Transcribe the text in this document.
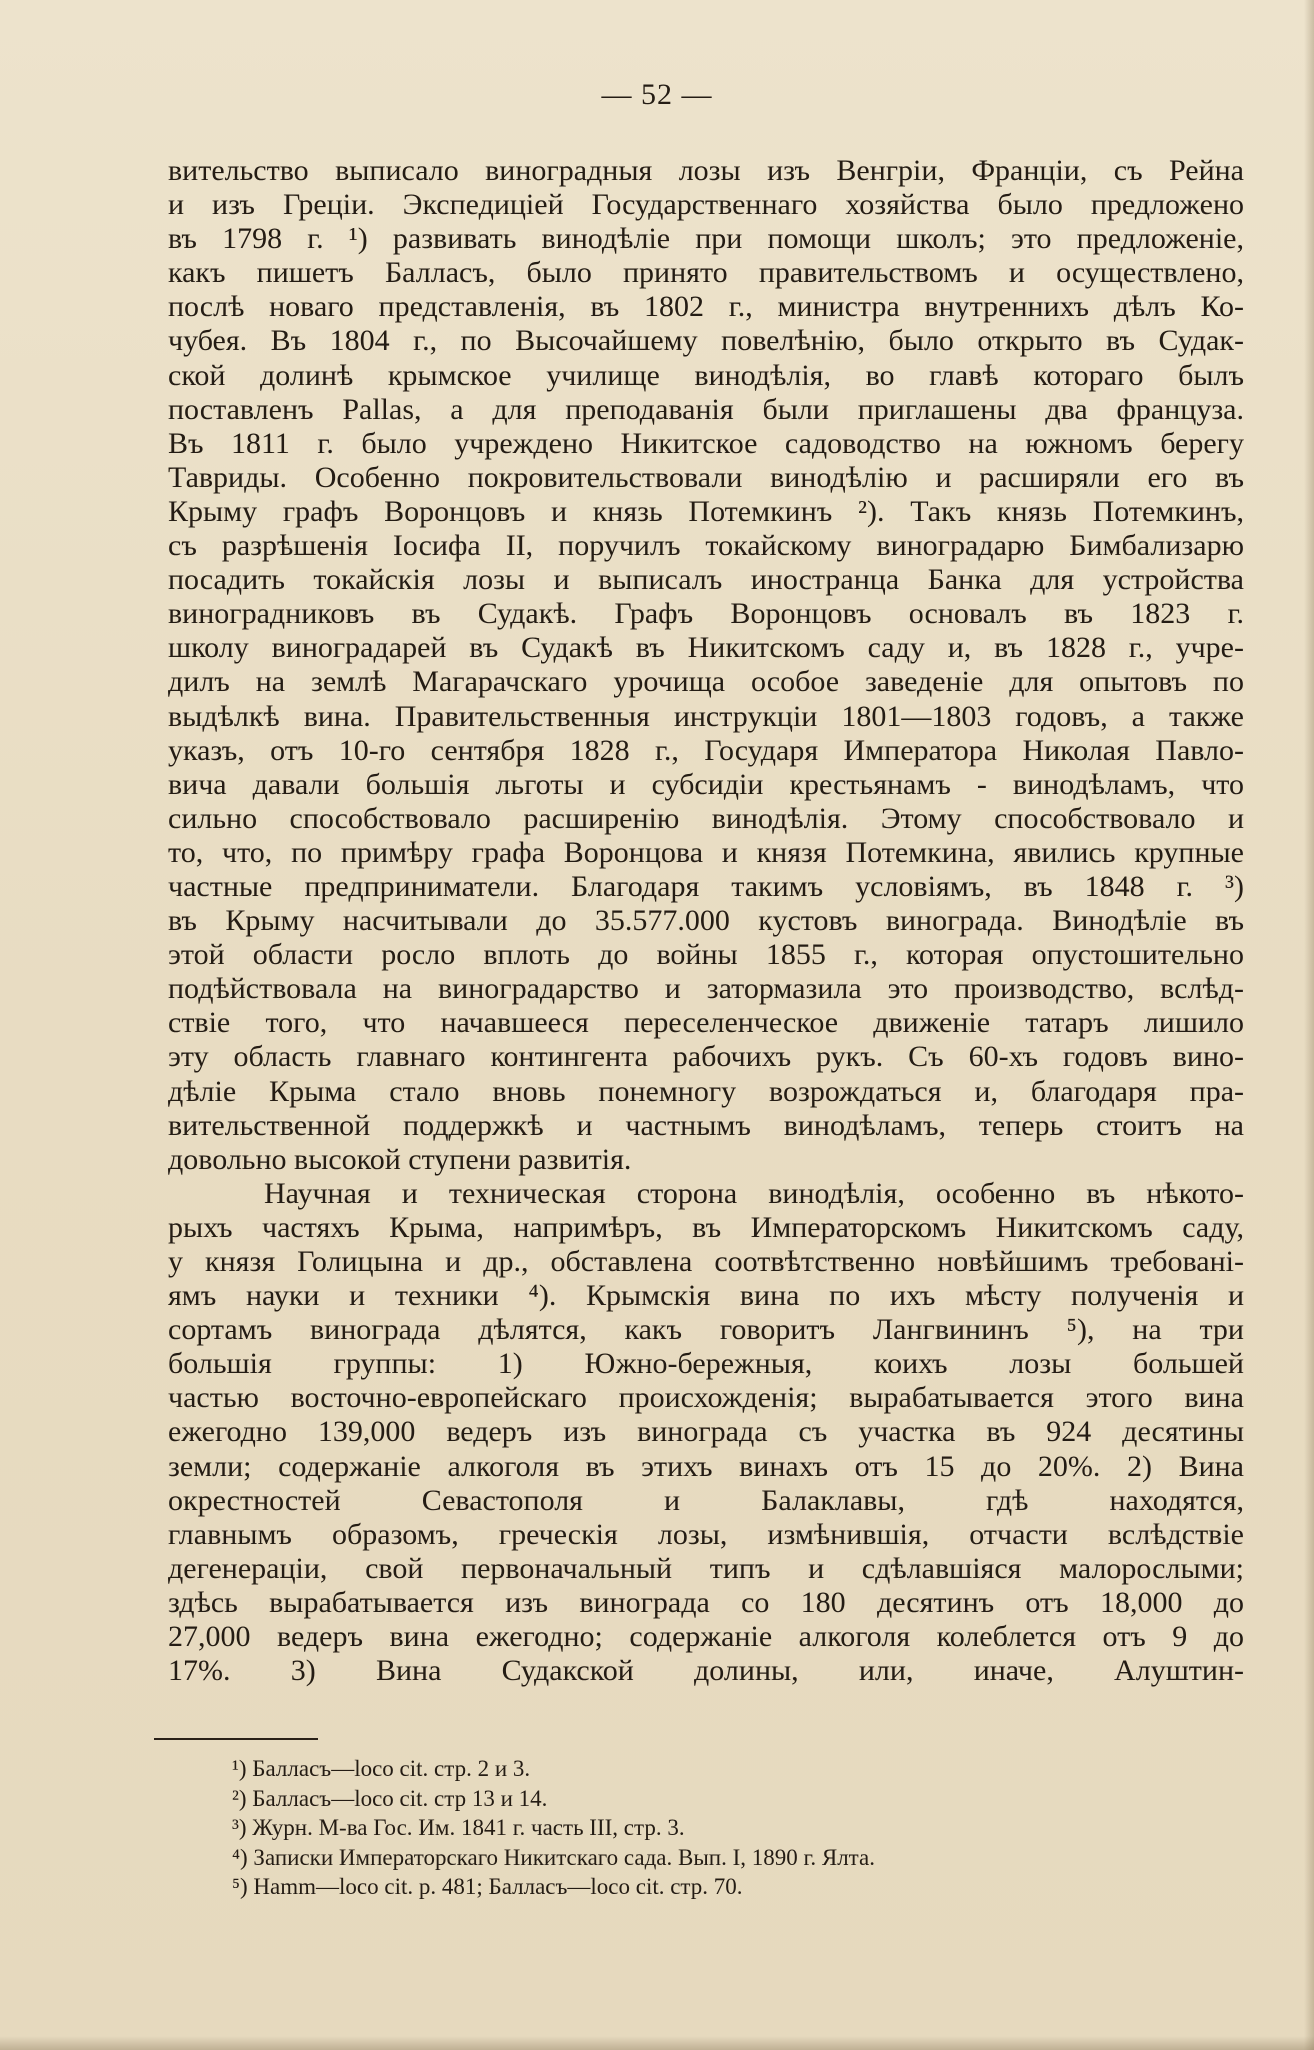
— 52 —
вительство выписало виноградныя лозы изъ Венгріи, Франціи, съ Рейна
и изъ Греціи. Экспедиціей Государственнаго хозяйства было предложено
въ 1798 г. ¹) развивать винодѣліе при помощи школъ; это предложеніе,
какъ пишетъ Балласъ, было принято правительствомъ и осуществлено,
послѣ новаго представленія, въ 1802 г., министра внутреннихъ дѣлъ Ко-
чубея. Въ 1804 г., по Высочайшему повелѣнію, было открыто въ Судак-
ской долинѣ крымское училище винодѣлія, во главѣ котораго былъ
поставленъ Pallas, а для преподаванія были приглашены два француза.
Въ 1811 г. было учреждено Никитское садоводство на южномъ берегу
Тавриды. Особенно покровительствовали винодѣлію и расширяли его въ
Крыму графъ Воронцовъ и князь Потемкинъ ²). Такъ князь Потемкинъ,
съ разрѣшенія Іосифа II, поручилъ токайскому виноградарю Бимбализарю
посадить токайскія лозы и выписалъ иностранца Банка для устройства
виноградниковъ въ Судакѣ. Графъ Воронцовъ основалъ въ 1823 г.
школу виноградарей въ Судакѣ въ Никитскомъ саду и, въ 1828 г., учре-
дилъ на землѣ Магарачскаго урочища особое заведеніе для опытовъ по
выдѣлкѣ вина. Правительственныя инструкціи 1801—1803 годовъ, а также
указъ, отъ 10-го сентября 1828 г., Государя Императора Николая Павло-
вича давали большія льготы и субсидіи крестьянамъ - винодѣламъ, что
сильно способствовало расширенію винодѣлія. Этому способствовало и
то, что, по примѣру графа Воронцова и князя Потемкина, явились крупные
частные предприниматели. Благодаря такимъ условіямъ, въ 1848 г. ³)
въ Крыму насчитывали до 35.577.000 кустовъ винограда. Винодѣліе въ
этой области росло вплоть до войны 1855 г., которая опустошительно
подѣйствовала на виноградарство и затормазила это производство, вслѣд-
ствіе того, что начавшееся переселенческое движеніе татаръ лишило
эту область главнаго контингента рабочихъ рукъ. Съ 60-хъ годовъ вино-
дѣліе Крыма стало вновь понемногу возрождаться и, благодаря пра-
вительственной поддержкѣ и частнымъ винодѣламъ, теперь стоитъ на
довольно высокой ступени развитія.
Научная и техническая сторона винодѣлія, особенно въ нѣкото-
рыхъ частяхъ Крыма, напримѣръ, въ Императорскомъ Никитскомъ саду,
у князя Голицына и др., обставлена соотвѣтственно новѣйшимъ требовані-
ямъ науки и техники ⁴). Крымскія вина по ихъ мѣсту полученія и
сортамъ винограда дѣлятся, какъ говоритъ Лангвининъ ⁵), на три
большія группы: 1) Южно-бережныя, коихъ лозы большей
частью восточно-европейскаго происхожденія; вырабатывается этого вина
ежегодно 139,000 ведеръ изъ винограда съ участка въ 924 десятины
земли; содержаніе алкоголя въ этихъ винахъ отъ 15 до 20%. 2) Вина
окрестностей Севастополя и Балаклавы, гдѣ находятся,
главнымъ образомъ, греческія лозы, измѣнившія, отчасти вслѣдствіе
дегенераціи, свой первоначальный типъ и сдѣлавшіяся малорослыми;
здѣсь вырабатывается изъ винограда со 180 десятинъ отъ 18,000 до
27,000 ведеръ вина ежегодно; содержаніе алкоголя колеблется отъ 9 до
17%. 3) Вина Судакской долины, или, иначе, Алуштин-
¹) Балласъ—loco cit. стр. 2 и 3.
²) Балласъ—loco cit. стр 13 и 14.
³) Журн. М-ва Гос. Им. 1841 г. часть III, стр. 3.
⁴) Записки Императорскаго Никитскаго сада. Вып. I, 1890 г. Ялта.
⁵) Hamm—loco cit. p. 481; Балласъ—loco cit. стр. 70.
